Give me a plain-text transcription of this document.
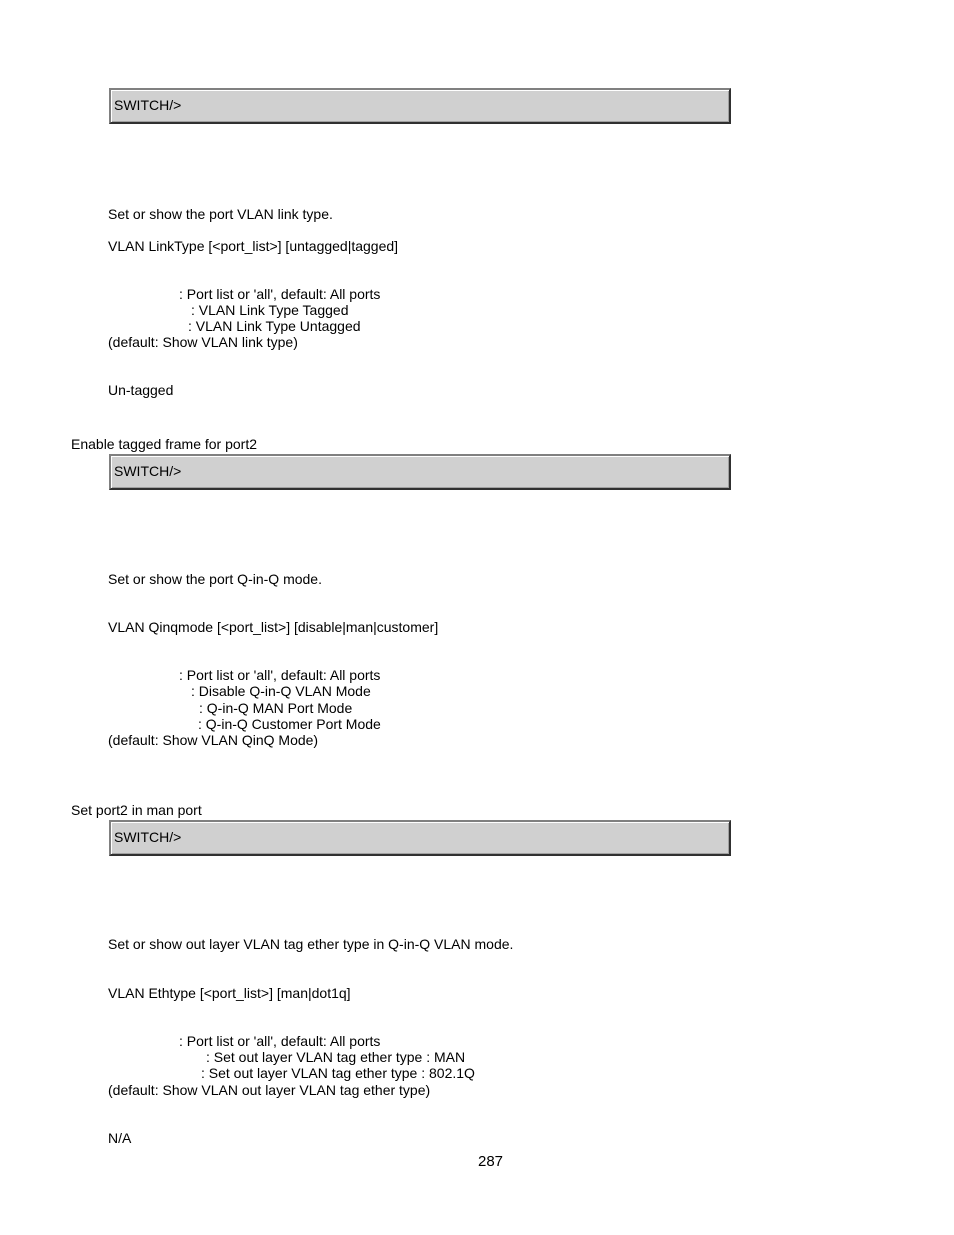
SWITCH/>
Set or show the port VLAN link type.
VLAN LinkType [<port_list>] [untagged|tagged]
: Port list or 'all', default: All ports
: VLAN Link Type Tagged
: VLAN Link Type Untagged
(default: Show VLAN link type)
Un-tagged
Enable tagged frame for port2
SWITCH/>
Set or show the port Q-in-Q mode.
VLAN Qinqmode [<port_list>] [disable|man|customer]
: Port list or 'all', default: All ports
: Disable Q-in-Q VLAN Mode
: Q-in-Q MAN Port Mode
: Q-in-Q Customer Port Mode
(default: Show VLAN QinQ Mode)
Set port2 in man port
SWITCH/>
Set or show out layer VLAN tag ether type in Q-in-Q VLAN mode.
VLAN Ethtype [<port_list>] [man|dot1q]
: Port list or 'all', default: All ports
: Set out layer VLAN tag ether type : MAN
: Set out layer VLAN tag ether type : 802.1Q
(default: Show VLAN out layer VLAN tag ether type)
N/A
287
